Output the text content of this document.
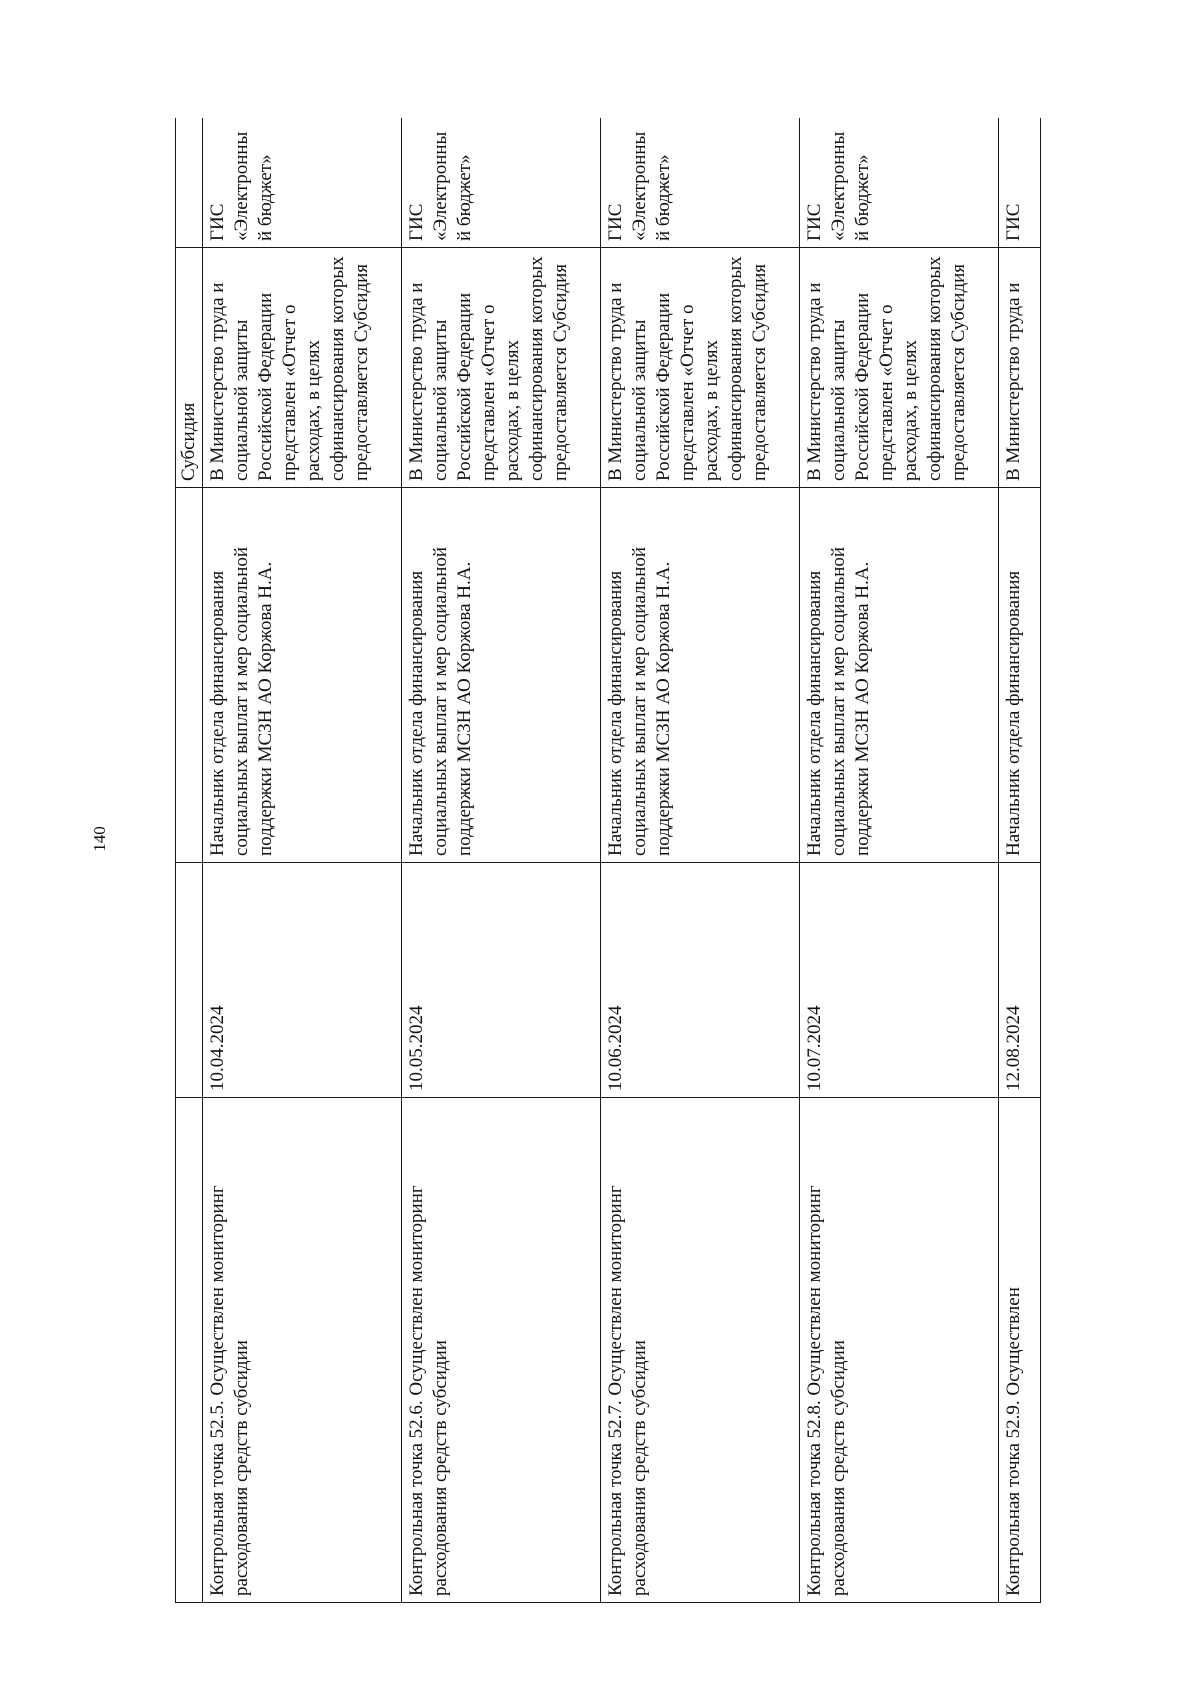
140
			Субсидия	
Контрольная точка 52.5. Осуществлен мониторинг расходования средств субсидии	10.04.2024	Начальник отдела финансирования социальных выплат и мер социальной поддержки МСЗН АО Коржова Н.А.	В Министерство труда и социальной защиты Российской Федерации представлен «Отчет о расходах, в целях софинансирования которых предоставляется Субсидия	ГИС «Электронный бюджет»
Контрольная точка 52.6. Осуществлен мониторинг расходования средств субсидии	10.05.2024	Начальник отдела финансирования социальных выплат и мер социальной поддержки МСЗН АО Коржова Н.А.	В Министерство труда и социальной защиты Российской Федерации представлен «Отчет о расходах, в целях софинансирования которых предоставляется Субсидия	ГИС «Электронный бюджет»
Контрольная точка 52.7. Осуществлен мониторинг расходования средств субсидии	10.06.2024	Начальник отдела финансирования социальных выплат и мер социальной поддержки МСЗН АО Коржова Н.А.	В Министерство труда и социальной защиты Российской Федерации представлен «Отчет о расходах, в целях софинансирования которых предоставляется Субсидия	ГИС «Электронный бюджет»
Контрольная точка 52.8. Осуществлен мониторинг расходования средств субсидии	10.07.2024	Начальник отдела финансирования социальных выплат и мер социальной поддержки МСЗН АО Коржова Н.А.	В Министерство труда и социальной защиты Российской Федерации представлен «Отчет о расходах, в целях софинансирования которых предоставляется Субсидия	ГИС «Электронный бюджет»
Контрольная точка 52.9. Осуществлен	12.08.2024	Начальник отдела финансирования	В Министерство труда и	ГИС
